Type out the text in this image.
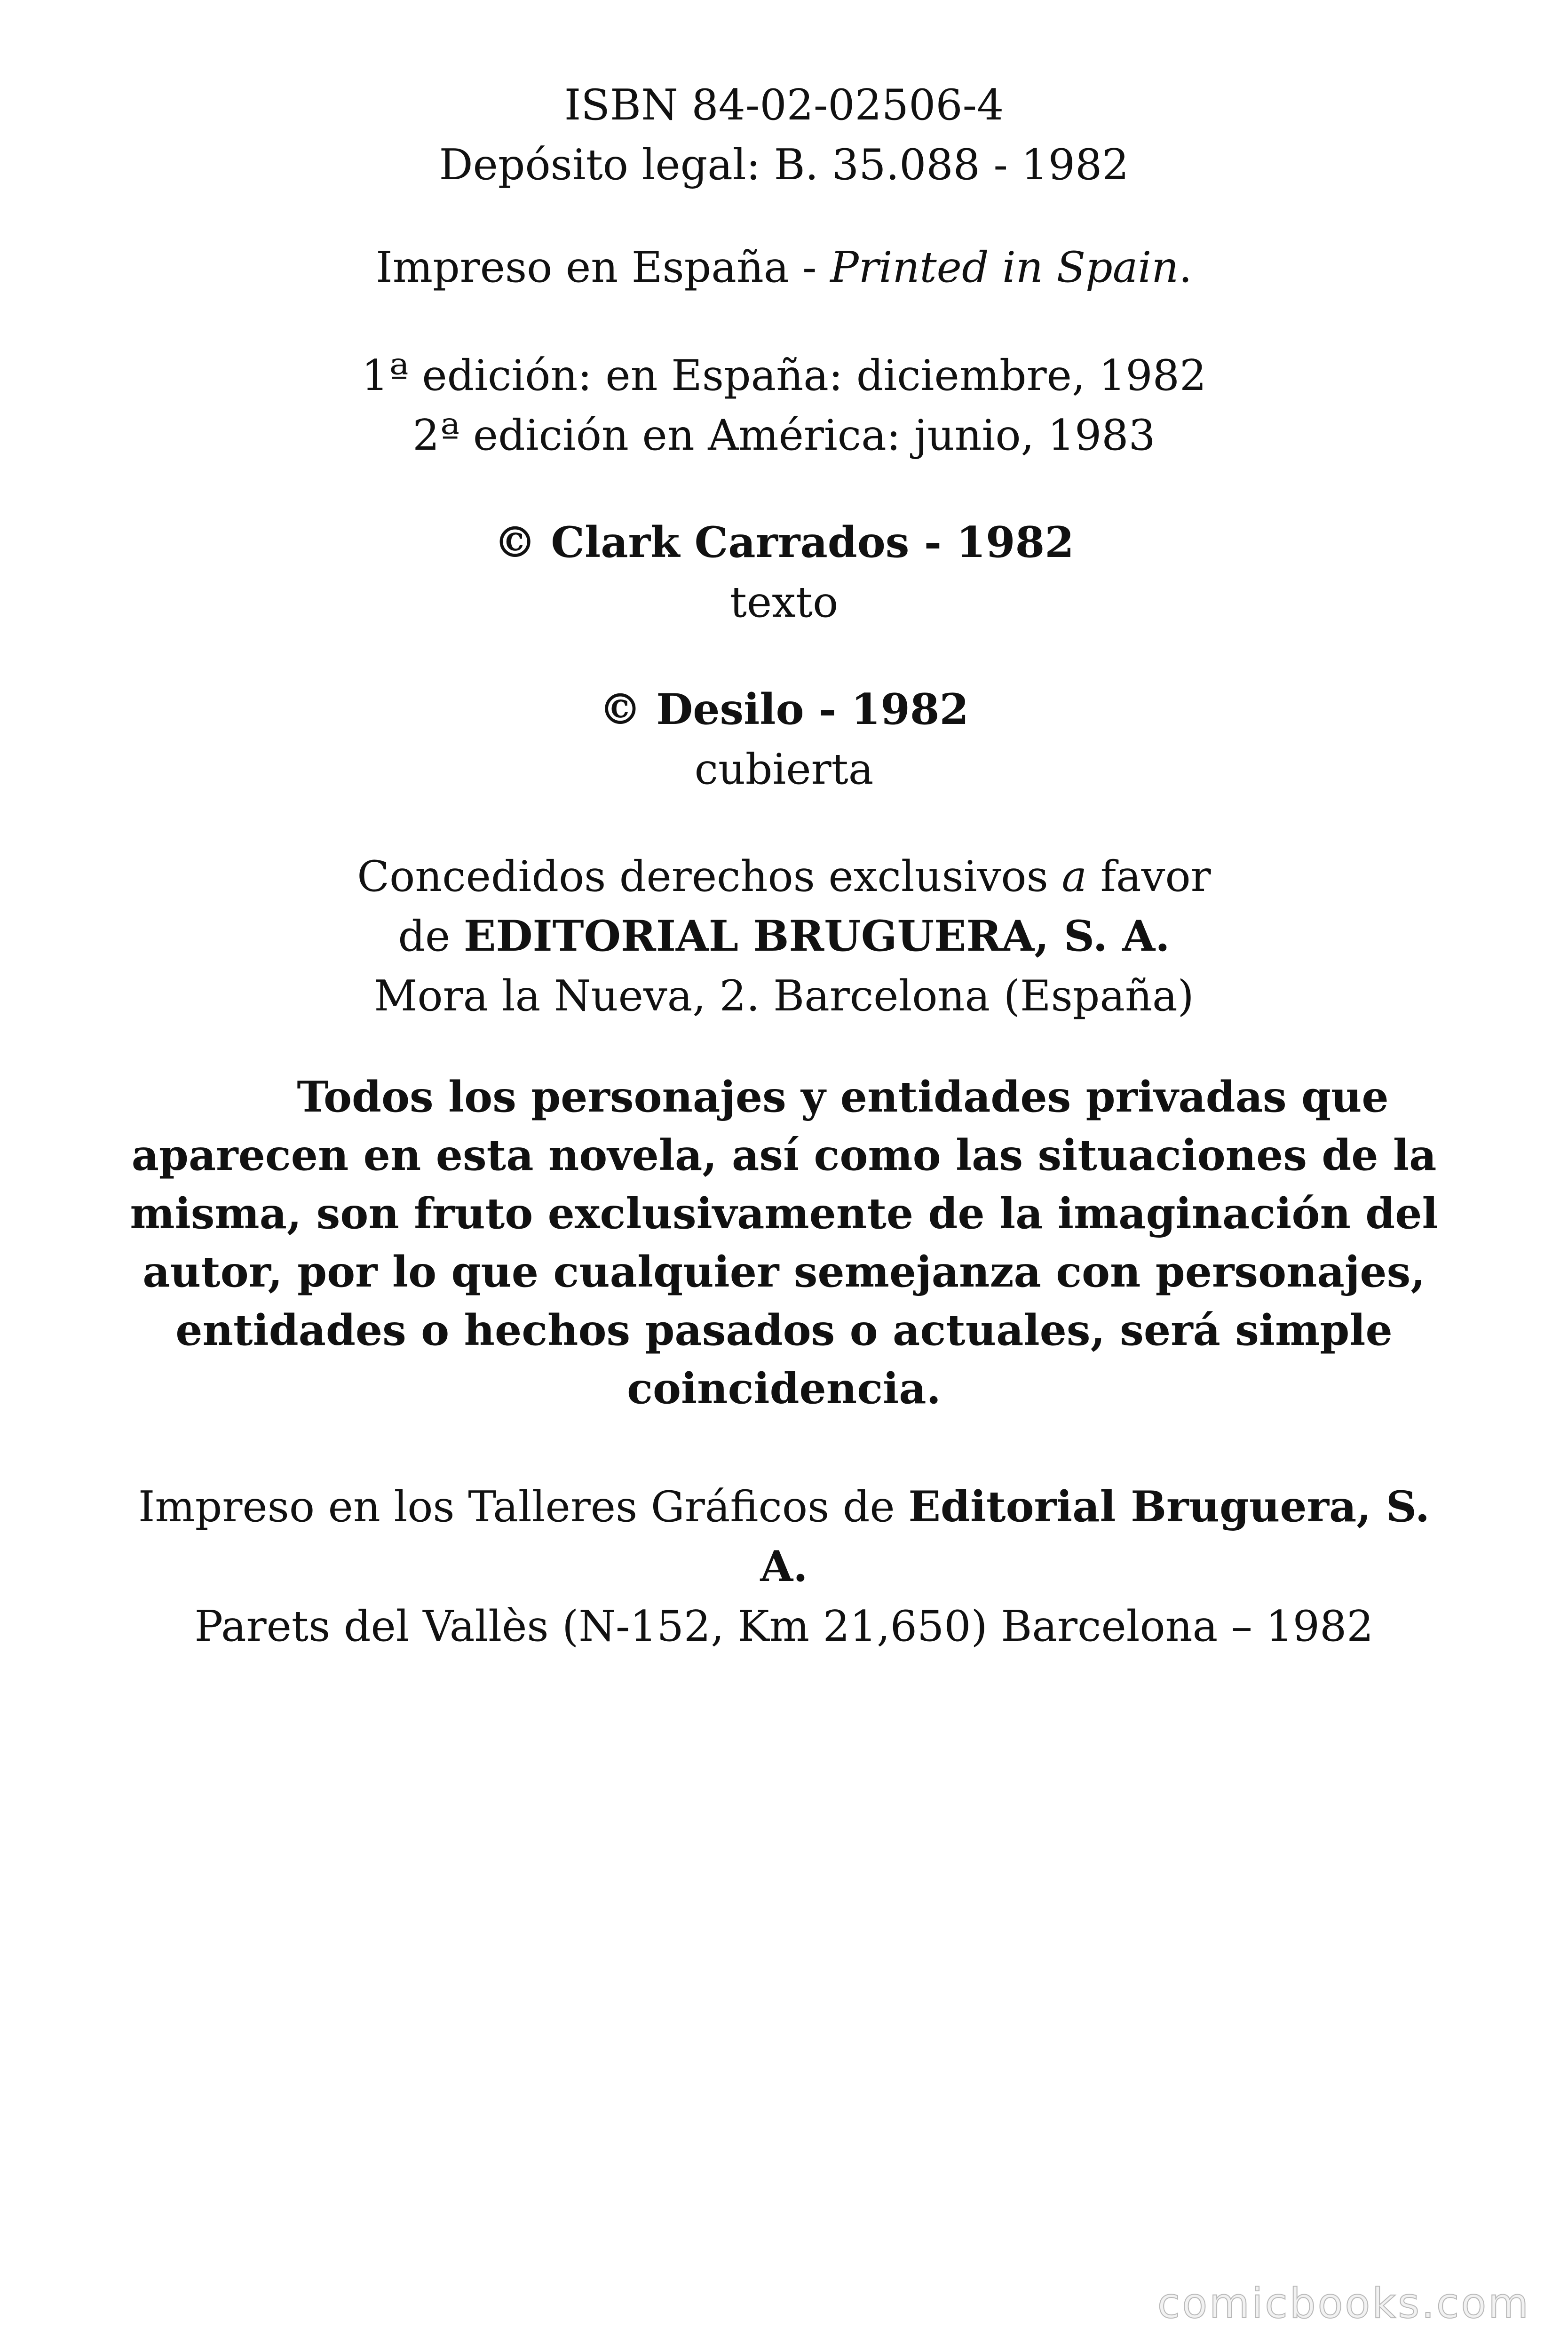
ISBN 84-02-02506-4
Depósito legal: B. 35.088 - 1982
Impreso en España - Printed in Spain.
1ª edición: en España: diciembre, 1982
2ª edición en América: junio, 1983
© Clark Carrados - 1982
texto
© Desilo - 1982
cubierta
Concedidos derechos exclusivos a favor
de EDITORIAL BRUGUERA, S. A.
Mora la Nueva, 2. Barcelona (España)
Todos los personajes y entidades privadas que
aparecen en esta novela, así como las situaciones de la
misma, son fruto exclusivamente de la imaginación del
autor, por lo que cualquier semejanza con personajes,
entidades o hechos pasados o actuales, será simple
coincidencia.
Impreso en los Talleres Gráficos de Editorial Bruguera, S.
A.
Parets del Vallès (N-152, Km 21,650) Barcelona – 1982
comicbooks.com
